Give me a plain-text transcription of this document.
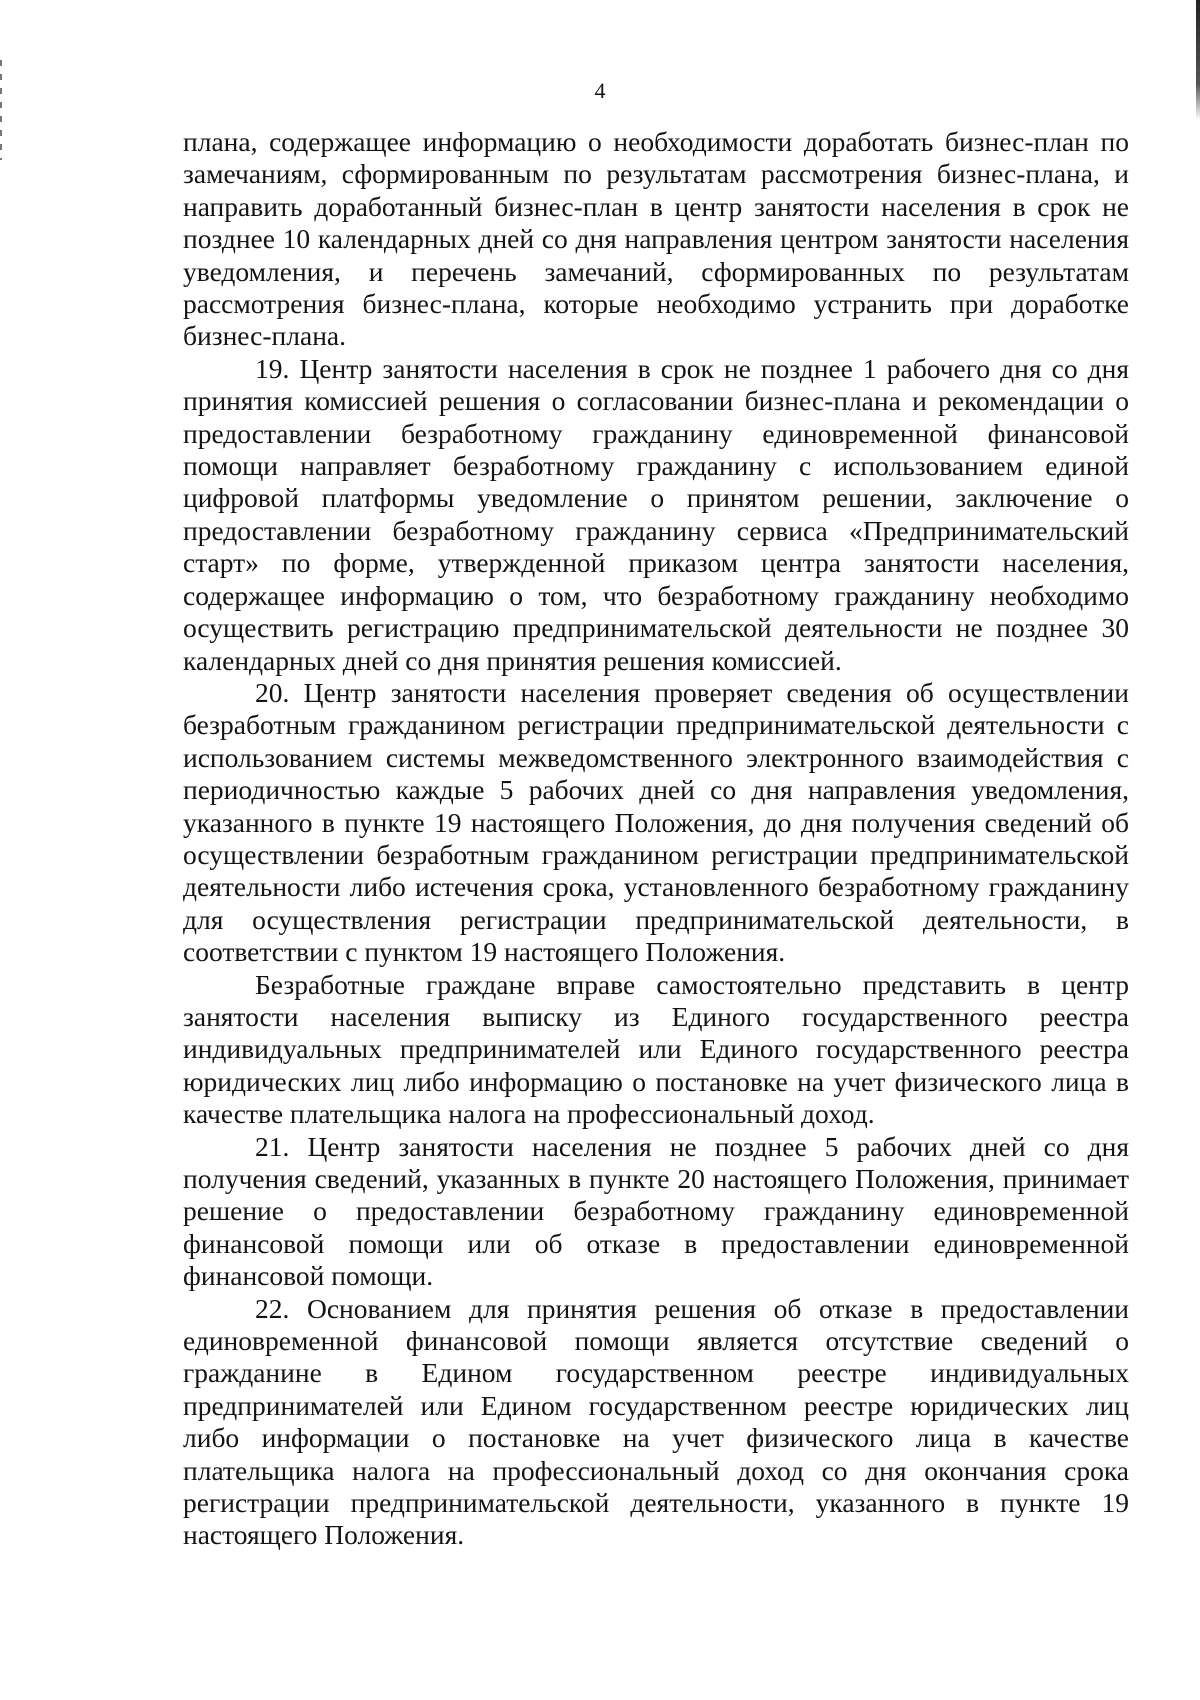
4

плана, содержащее информацию о необходимости доработать бизнес-план по замечаниям, сформированным по результатам рассмотрения бизнес-плана, и направить доработанный бизнес-план в центр занятости населения в срок не позднее 10 календарных дней со дня направления центром занятости населения уведомления, и перечень замечаний, сформированных по результатам рассмотрения бизнес-плана, которые необходимо устранить при доработке бизнес-плана.

19. Центр занятости населения в срок не позднее 1 рабочего дня со дня принятия комиссией решения о согласовании бизнес-плана и рекомендации о предоставлении безработному гражданину единовременной финансовой помощи направляет безработному гражданину с использованием единой цифровой платформы уведомление о принятом решении, заключение о предоставлении безработному гражданину сервиса «Предпринимательский старт» по форме, утвержденной приказом центра занятости населения, содержащее информацию о том, что безработному гражданину необходимо осуществить регистрацию предпринимательской деятельности не позднее 30 календарных дней со дня принятия решения комиссией.

20. Центр занятости населения проверяет сведения об осуществлении безработным гражданином регистрации предпринимательской деятельности с использованием системы межведомственного электронного взаимодействия с периодичностью каждые 5 рабочих дней со дня направления уведомления, указанного в пункте 19 настоящего Положения, до дня получения сведений об осуществлении безработным гражданином регистрации предпринимательской деятельности либо истечения срока, установленного безработному гражданину для осуществления регистрации предпринимательской деятельности, в соответствии с пунктом 19 настоящего Положения.

Безработные граждане вправе самостоятельно представить в центр занятости населения выписку из Единого государственного реестра индивидуальных предпринимателей или Единого государственного реестра юридических лиц либо информацию о постановке на учет физического лица в качестве плательщика налога на профессиональный доход.

21. Центр занятости населения не позднее 5 рабочих дней со дня получения сведений, указанных в пункте 20 настоящего Положения, принимает решение о предоставлении безработному гражданину единовременной финансовой помощи или об отказе в предоставлении единовременной финансовой помощи.

22. Основанием для принятия решения об отказе в предоставлении единовременной финансовой помощи является отсутствие сведений о гражданине в Едином государственном реестре индивидуальных предпринимателей или Едином государственном реестре юридических лиц либо информации о постановке на учет физического лица в качестве плательщика налога на профессиональный доход со дня окончания срока регистрации предпринимательской деятельности, указанного в пункте 19 настоящего Положения.
